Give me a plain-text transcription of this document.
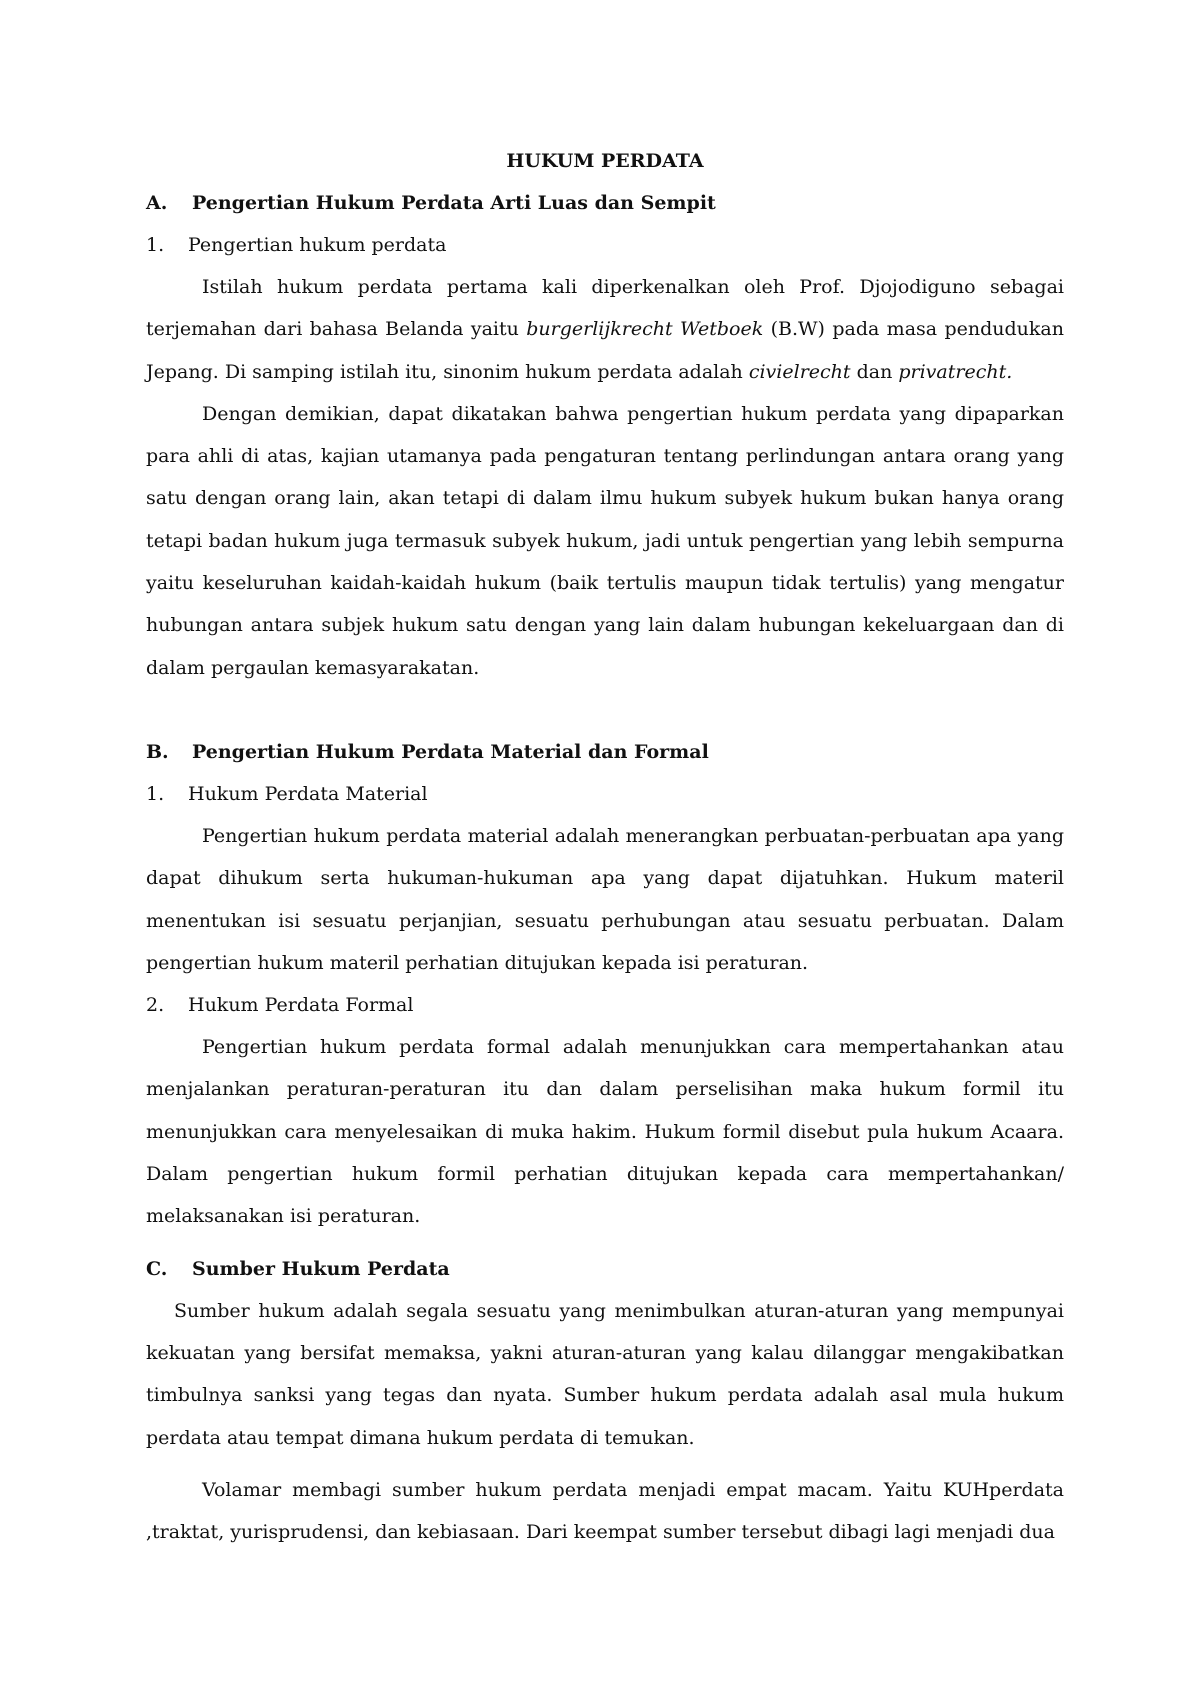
HUKUM PERDATA
A.	Pengertian Hukum Perdata Arti Luas dan Sempit
1.	Pengertian hukum perdata

Istilah hukum perdata pertama kali diperkenalkan oleh Prof. Djojodiguno sebagai terjemahan dari bahasa Belanda yaitu burgerlijkrecht Wetboek (B.W) pada masa pendudukan Jepang. Di samping istilah itu, sinonim hukum perdata adalah civielrecht dan privatrecht.

Dengan demikian, dapat dikatakan bahwa pengertian hukum perdata yang dipaparkan para ahli di atas, kajian utamanya pada pengaturan tentang perlindungan antara orang yang satu dengan orang lain, akan tetapi di dalam ilmu hukum subyek hukum bukan hanya orang tetapi badan hukum juga termasuk subyek hukum, jadi untuk pengertian yang lebih sempurna yaitu keseluruhan kaidah-kaidah hukum (baik tertulis maupun tidak tertulis) yang mengatur hubungan antara subjek hukum satu dengan yang lain dalam hubungan kekeluargaan dan di dalam pergaulan kemasyarakatan.

B.	Pengertian Hukum Perdata Material dan Formal
1.	Hukum Perdata Material

Pengertian hukum perdata material adalah menerangkan perbuatan-perbuatan apa yang dapat dihukum serta hukuman-hukuman apa yang dapat dijatuhkan. Hukum materil menentukan isi sesuatu perjanjian, sesuatu perhubungan atau sesuatu perbuatan. Dalam pengertian hukum materil perhatian ditujukan kepada isi peraturan.

2.	Hukum Perdata Formal

Pengertian hukum perdata formal adalah menunjukkan cara mempertahankan atau menjalankan peraturan-peraturan itu dan dalam perselisihan maka hukum formil itu menunjukkan cara menyelesaikan di muka hakim. Hukum formil disebut pula hukum Acaara. Dalam pengertian hukum formil perhatian ditujukan kepada cara mempertahankan/ melaksanakan isi peraturan.

C.	Sumber Hukum Perdata

Sumber hukum adalah segala sesuatu yang menimbulkan aturan-aturan yang mempunyai kekuatan yang bersifat memaksa, yakni aturan-aturan yang kalau dilanggar mengakibatkan timbulnya sanksi yang tegas dan nyata. Sumber hukum perdata adalah asal mula hukum perdata atau tempat dimana hukum perdata di temukan.

Volamar membagi sumber hukum perdata menjadi empat macam. Yaitu KUHperdata ,traktat, yurisprudensi, dan kebiasaan. Dari keempat sumber tersebut dibagi lagi menjadi dua
